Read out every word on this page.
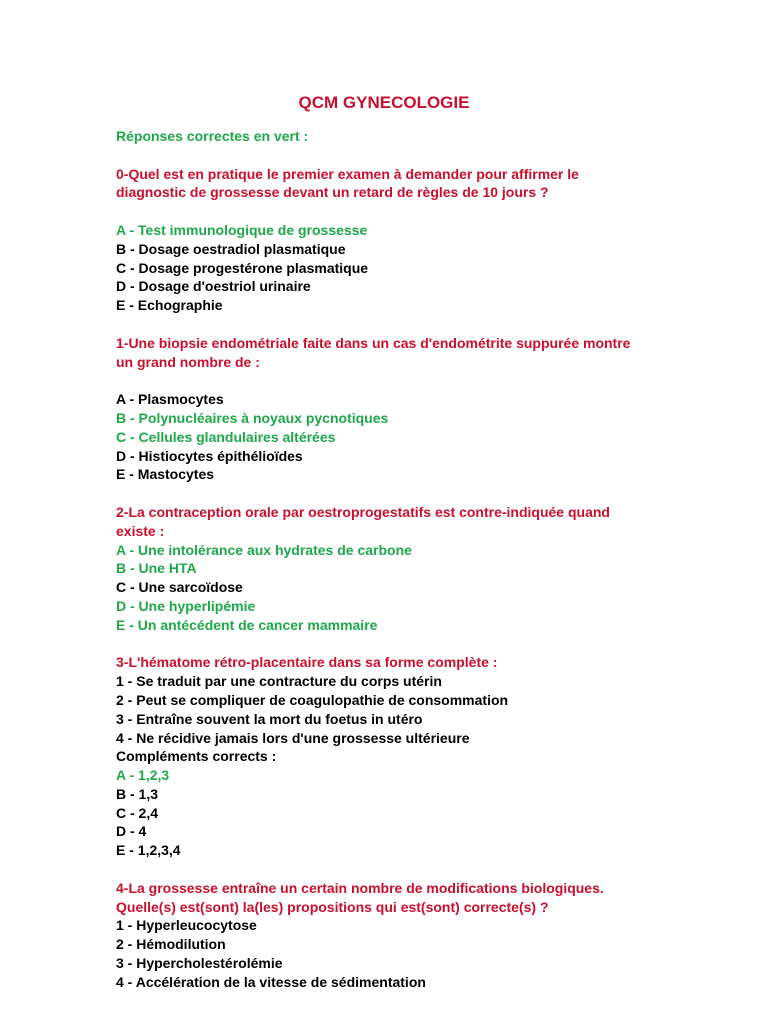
QCM GYNECOLOGIE
Réponses correctes en vert :
0-Quel est en pratique le premier examen à demander pour affirmer le
diagnostic de grossesse devant un retard de règles de 10 jours ?
A - Test immunologique de grossesse
B - Dosage oestradiol plasmatique
C - Dosage progestérone plasmatique
D - Dosage d'oestriol urinaire
E - Echographie
1-Une biopsie endométriale faite dans un cas d'endométrite suppurée montre
un grand nombre de :
A - Plasmocytes
B - Polynucléaires à noyaux pycnotiques
C - Cellules glandulaires altérées
D - Histiocytes épithélioïdes
E - Mastocytes
2-La contraception orale par oestroprogestatifs est contre-indiquée quand
existe :
A - Une intolérance aux hydrates de carbone
B - Une HTA
C - Une sarcoïdose
D - Une hyperlipémie
E - Un antécédent de cancer mammaire
3-L'hématome rétro-placentaire dans sa forme complète :
1 - Se traduit par une contracture du corps utérin
2 - Peut se compliquer de coagulopathie de consommation
3 - Entraîne souvent la mort du foetus in utéro
4 - Ne récidive jamais lors d'une grossesse ultérieure
Compléments corrects :
A - 1,2,3
B - 1,3
C - 2,4
D - 4
E - 1,2,3,4
4-La grossesse entraîne un certain nombre de modifications biologiques.
Quelle(s) est(sont) la(les) propositions qui est(sont) correcte(s) ?
1 - Hyperleucocytose
2 - Hémodilution
3 - Hypercholestérolémie
4 - Accélération de la vitesse de sédimentation
